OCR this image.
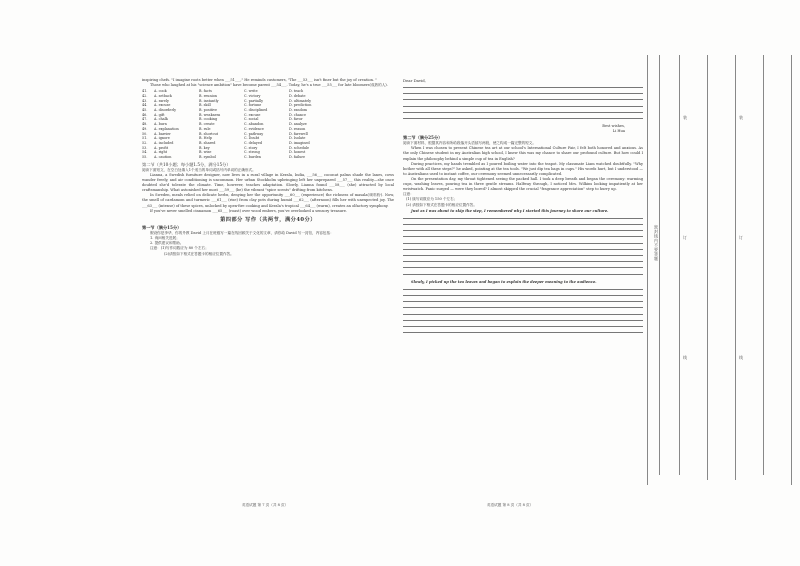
inspiring chefs. "I imagine roots better when ___51___," He reminds customers, "The ___53___ isn't finer but the joy of creation. "

Those who laughed at his "science ambition" have become parent ___54___. Today, he's a true ___55___ for late bloomers(成熟的人).

41.	A. cook	B. facts	C. write	D. teach
42.	A. setback	B. reunion	C. victory	D. debate
43.	A. rarely	B. instantly	C. partially	D. ultimately
44.	A. excuse	B. skill	C. fortune	D. prediction
45.	A. disorderly	B. positive	C. disciplined	D. random
46.	A. gift	B. weakness	C. excuse	D. chance
47.	A. chalk	B. cooking	C. social	D. favor
48.	A. burn	B. create	C. abandon	D. analyze
49.	A. explanation	B. rule	C. evidence	D. reason
50.	A. barrier	B. shortcut	C. pathway	D. farewell
51.	A. ignore	B. Help	C. Doubt	D. Isolate
52.	A. included	B. shared	C. delayed	D. imagined
53.	A. profit	B. key	C. story	D. schedule
54.	A. right	B. wise	C. strong	D. honest
55.	A. caution	B. symbol	C. burden	D. failure

第二节（共10小题；每小题1.5分，满分15分）

阅读下面短文，在空白处填入1个适当的单词或括号内单词的正确形式。

Lianna, a Swedish furniture designer, now lives in a rural village in Kerala, India, ___56___ coconut palms shade the lanes, cows wander freely, and air conditioning is uncommon. Her urban Stockholm upbringing left her unprepared ___57___ this reality—she once doubted she'd tolerate the climate. Time, however, teaches adaptation. Slowly, Lianna found ___58___ (she) attracted by local craftsmanship. What astonished her most ___59___ (be) the vibrant "spice scents" drifting from kitchens.

In Sweden, meals relied on delicate herbs, denying her the opportunity ___60___ (experience) the richness of masala(调料粉). Now, the smell of cardamom and turmeric ___61___ (rise) from clay pots during humid ___62___ (afternoon) fills her with unexpected joy. The ___63___ (intense) of these spices, unlocked by open-fire cooking and Kerala's tropical ___64___ (warm), creates an olfactory symphony.

If you've never smelled cinnamon ___65___ (roast) over wood embers, you've overlooked a sensory treasure.

第四部分 写作（共两节，满分40分）

第一节（满分15分）

假设你是李华，你的外教 David 上月在班级写一篇在线回顾关于文化的文章，请你给 David 写一封信，内容包括：

1. 询问相关进展；

2. 提供建议和帮助。

注意：(1)写作词数应为 80 个左右；

(2)请按如下格式在答题卡的相应位置作答。

英语试题 第 7 页（共 8 页）

Dear David,

Best wishes,

Li Hua

第二节（满分25分）

阅读下面材料，根据其内容和所给段落开头语续写两段，使之构成一篇完整的短文。

When I was chosen to present Chinese tea art at our school's International Culture Fair, I felt both honored and anxious. As the only Chinese student in my Australian high school, I knew this was my chance to share our profound culture. But how could I explain the philosophy behind a simple cup of tea in English?

During practices, my hands trembled as I poured boiling water into the teapot. My classmate Liam watched doubtfully. "Why bother with all these steps?" he asked, pointing at the tea tools. "We just dip tea bags in cups." His words hurt, but I understood — to Australians used to instant coffee, our ceremony seemed unnecessarily complicated.

On the presentation day, my throat tightened seeing the packed hall. I took a deep breath and began the ceremony: warming cups, washing leaves, pouring tea in three gentle streams. Halfway through, I noticed Mrs. Wilkins looking impatiently at her wristwatch. Panic surged — were they bored? I almost skipped the crucial "fragrance appreciation" step to hurry up.

注意：

(1) 续写词数应为 150 个左右；

(2) 请按如下格式在答题卡的相应位置作答。

Just as I was about to skip the step, I remembered why I started this journey to share our culture.

Slowly, I picked up the tea leaves and began to explain the deeper meaning to the audience.

英语试题 第 8 页（共 8 页）
密封线内不要答题
装
订
线
装
订
线
